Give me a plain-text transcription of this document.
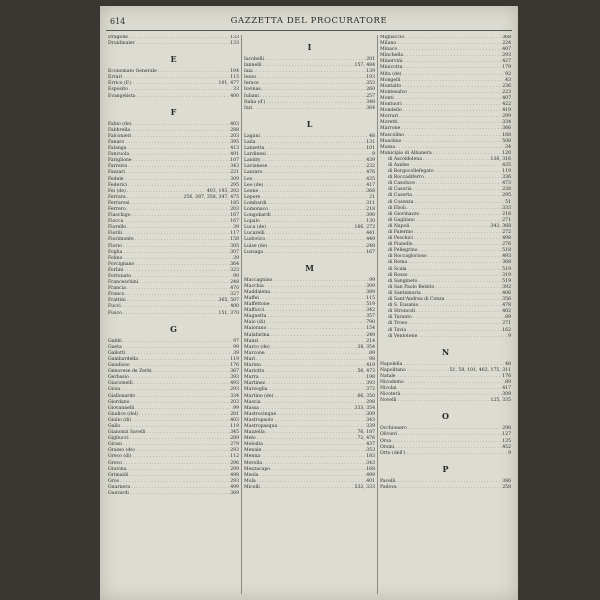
614	GAZZETTA DEL PROCURATORE
Dragone . . .	133
Druidmaier . . .	133
E
Economato Generale . . .	104
Errari . . .	115
Errico (F.) . . .	101, 477
Esposito . . .	33
Evangelista . . .	400
F
Fabio (de) . . .	403
Fabbrella . . .	288
Falconieri . . .	203
Fanaro . . .	395
Falanga . . .	413
Fancuola . . .	491
Fariglione . . .	107
Farreira . . .	343
Fazzari . . .	221
Fedele . . .	309
Federici . . .	295
Fei (de) . . .	403, 193, 203
Ferrara . . .	256, 287, 358, 347, 475
Ferraresi . . .	185
Ferrero . . .	203
Fiaschigo . . .	167
Fiocca . . .	167
Fiorello . . .	39
Fiorili . . .	117
Fiorimonte . . .	158
Florio . . .	305
Foglia . . .	307
Folino . . .	39
Forcignano . . .	364
Forlini . . .	323
Fortunato . . .	99
Franceschini . . .	248
Francia . . .	470
Franco . . .	327
Frattini . . .	365, 507
Fucci . . .	400
Fusco . . .	151, 370
G
Gabbi . . .	97
Gaeta . . .	99
Gallotti . . .	39
Gambardella . . .	119
Gaudioso . . .	176
Genovese de Zerbi . . .	367
Gerbasio . . .	393
Giacomelli . . .	493
Gioia . . .	293
Giallonardo . . .	334
Giordano . . .	203
Giovannelli . . .	99
Giudice (del) . . .	281
Giulio (di) . . .	403
Gallo . . .	119
Gianonzi Savelli . . .	345
Gigliucci . . .	289
Girasi . . .	279
Grasso (de) . . .	293
Greco (di) . . .	112
Greco . . .	296
Gravina . . .	299
Grimaldi . . .	498
Gros . . .	293
Guarnera . . .	499
Guerardi . . .	369
I
Iacobelli . . .	201
Iannelli . . .	157, 484
Iaia . . .	139
Iezzo . . .	193
Ierace . . .	353
Iovinas . . .	260
Iuliani . . .	257
Italia (d') . . .	348
Izzi . . .	364
L
Lagani . . .	48
Laila . . .	131
Lanzetta . . .	101
Lardinesi . . .	9
Landry . . .	439
Lavianese . . .	232
Lazzaro . . .	476
Leo . . .	435
Leo (de) . . .	417
Leone . . .	368
Lepore . . .	21
Lombardi . . .	311
Lomonaco . . .	218
Longobardi . . .	390
Lopalo . . .	130
Luca (de) . . .	166, 272
Lucarelli . . .	441
Ludovico . . .	449
Luise (de) . . .	248
Lussaga . . .	167
M
Maccagnino . . .	99
Macchia . . .	309
Maddalena . . .	389
Maffei . . .	115
Maffettone . . .	519
Maffucci . . .	342
Magnetta . . .	357
Maio (di) . . .	790
Maiorano . . .	154
Malafarina . . .	249
Manzi . . .	214
Marco (de) . . .	38, 354
Marcone . . .	89
Mari . . .	98
Marino . . .	419
Mariotto . . .	56, 473
Marra . . .	198
Martinez . . .	393
Marzoglia . . .	372
Martino (de) . . .	66, 350
Mascia . . .	298
Massa . . .	333, 354
Mastrocinque . . .	309
Mastropaolo . . .	343
Mastropasqua . . .	339
Mazzella . . .	76, 187
Melo . . .	72, 476
Melodia . . .	437
Menale . . .	353
Menna . . .	183
Merolla . . .	343
Mezzacapo . . .	168
Meola . . .	499
Mola . . .	401
Micelli . . .	532, 333
Migliaccio . . .	368
Milano . . .	224
Minaco . . .	407
Minchella . . .	293
Minervini . . .	427
Minicotta . . .	179
Mita (de) . . .	92
Mongelli . . .	43
Montalto . . .	236
Montesalvo . . .	223
Monti . . .	407
Montuori . . .	422
Mondello . . .	419
Morrari . . .	299
Moretti . . .	334
Marrone . . .	366
Muscolino . . .	168
Musolino . . .	508
Mussa . . .	34
Municipio di Albanera . . .	120
di Ascoldolena . . .	136, 316
di Azaleo . . .	435
di Borgocollefegato . . .	119
di Boccadiferro . . .	336
di Casoluce . . .	473
di Casoria . . .	238
di Caserta . . .	295
di Cosenza . . .	51
di Eboli . . .	333
di Giovinazzo . . .	216
di Gagliano . . .	271
di Napoli . . .	343, 368
di Palermo . . .	272
di Peschici . . .	498
di Pianello . . .	276
di Pellegrino . . .	518
di Roccaglorioso . . .	493
di Roma . . .	368
di Scala . . .	519
di Rosso . . .	319
di Sangineto . . .	519
di San Paolo Belsito . . .	392
di Santamaria . . .	406
di Sant'Andrea di Conza . . .	356
di S. Eusanio . . .	478
di Stroncoli . . .	402
di Taranto . . .	89
di Troeo . . .	271
di Tavia . . .	162
di Ventotene . . .	9
N
Napolella . . .	48
Napolitano . . .	51, 58, 101, 462, 175, 311
Natale . . .	176
Nicodemo . . .	89
Nicolai . . .	417
Nicoterà . . .	309
Novelli . . .	125, 335
O
Occhionero . . .	298
Olivieri . . .	127
Orsa . . .	135
Orsini . . .	452
Orto (dell') . . .	9
P
Pacelli . . .	386
Padova . . .	258
